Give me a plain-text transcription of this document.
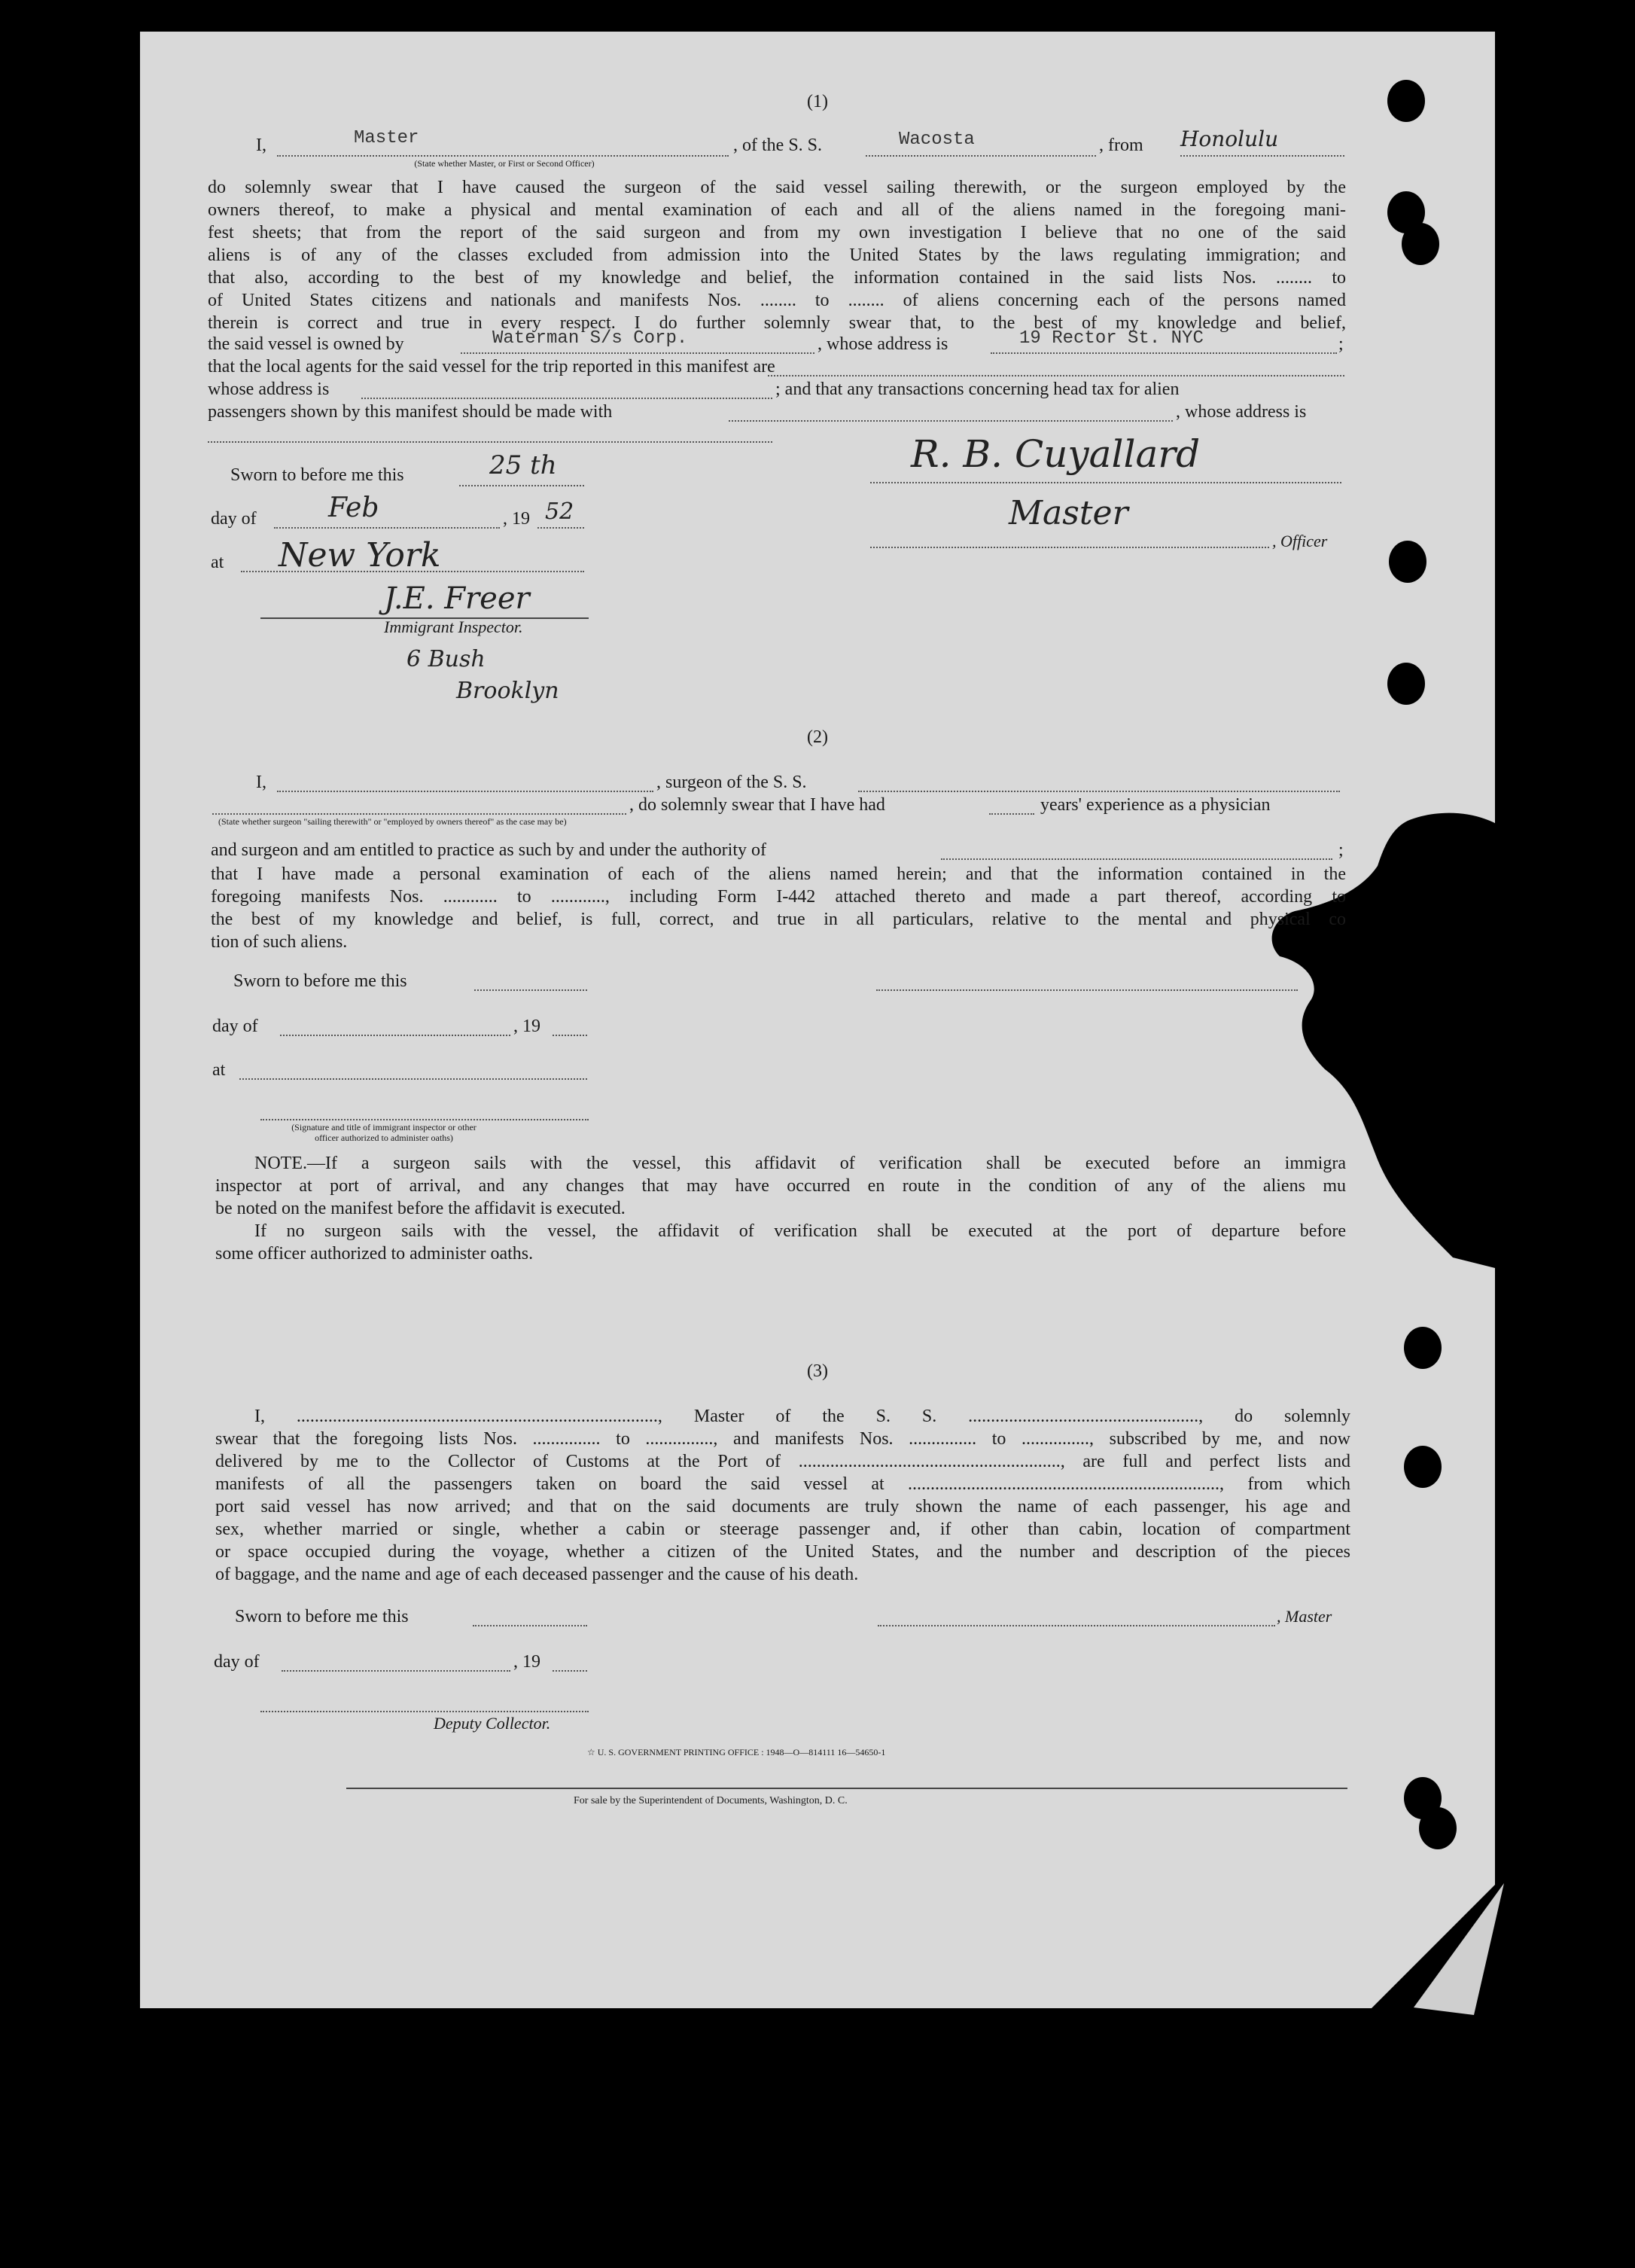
(1)
I,	Master
(State whether Master, or First or Second Officer)
, of the S. S.	Wacosta	, from Honolulu
do solemnly swear that I have caused the surgeon of the said vessel sailing therewith, or the surgeon employed by the
owners thereof, to make a physical and mental examination of each and all of the aliens named in the foregoing mani-
fest sheets; that from the report of the said surgeon and from my own investigation I believe that no one of the said
aliens is of any of the classes excluded from admission into the United States by the laws regulating immigration; and
that also, according to the best of my knowledge and belief, the information contained in the said lists Nos. ........ to
of United States citizens and nationals and manifests Nos. ........ to ........ of aliens concerning each of the persons named
therein is correct and true in every respect. I do further solemnly swear that, to the best of my knowledge and belief,
the said vessel is owned by	Waterman S/s Corp.	, whose address is	19 Rector St. NYC	;
that the local agents for the said vessel for the trip reported in this manifest are
whose address is	; and that any transactions concerning head tax for alien
passengers shown by this manifest should be made with	, whose address is
Sworn to before me this	25 th
day of	Feb	, 19 52
at New York
J.E. Freer
Immigrant Inspector.
6 Bush
Brooklyn
R. B. Cuyallard
Master
, Officer
(2)
I,	, surgeon of the S. S.
, do solemnly swear that I have had	years' experience as a physician
(State whether surgeon "sailing therewith" or "employed by owners thereof" as the case may be)
and surgeon and am entitled to practice as such by and under the authority of	;
that I have made a personal examination of each of the aliens named herein; and that the information contained in the
foregoing manifests Nos. ............ to ............, including Form I-442 attached thereto and made a part thereof, according to
the best of my knowledge and belief, is full, correct, and true in all particulars, relative to the mental and physical co
tion of such aliens.
Sworn to before me this
day of	, 19
at
(Signature and title of immigrant inspector or other officer authorized to administer oaths)
NOTE.—If a surgeon sails with the vessel, this affidavit of verification shall be executed before an immigra
inspector at port of arrival, and any changes that may have occurred en route in the condition of any of the aliens mu
be noted on the manifest before the affidavit is executed.
If no surgeon sails with the vessel, the affidavit of verification shall be executed at the port of departure before
some officer authorized to administer oaths.
(3)
I, ................................................................................, Master of the S. S. ..................................................., do solemnly
swear that the foregoing lists Nos. ............... to ..............., and manifests Nos. ............... to ..............., subscribed by me, and now
delivered by me to the Collector of Customs at the Port of .........................................................., are full and perfect lists and
manifests of all the passengers taken on board the said vessel at ....................................................................., from which
port said vessel has now arrived; and that on the said documents are truly shown the name of each passenger, his age and
sex, whether married or single, whether a cabin or steerage passenger and, if other than cabin, location of compartment
or space occupied during the voyage, whether a citizen of the United States, and the number and description of the pieces
of baggage, and the name and age of each deceased passenger and the cause of his death.
Sworn to before me this	, Master
day of	, 19
Deputy Collector.
☆ U. S. GOVERNMENT PRINTING OFFICE : 1948—O—814111 16—54650-1
For sale by the Superintendent of Documents, Washington, D. C.
